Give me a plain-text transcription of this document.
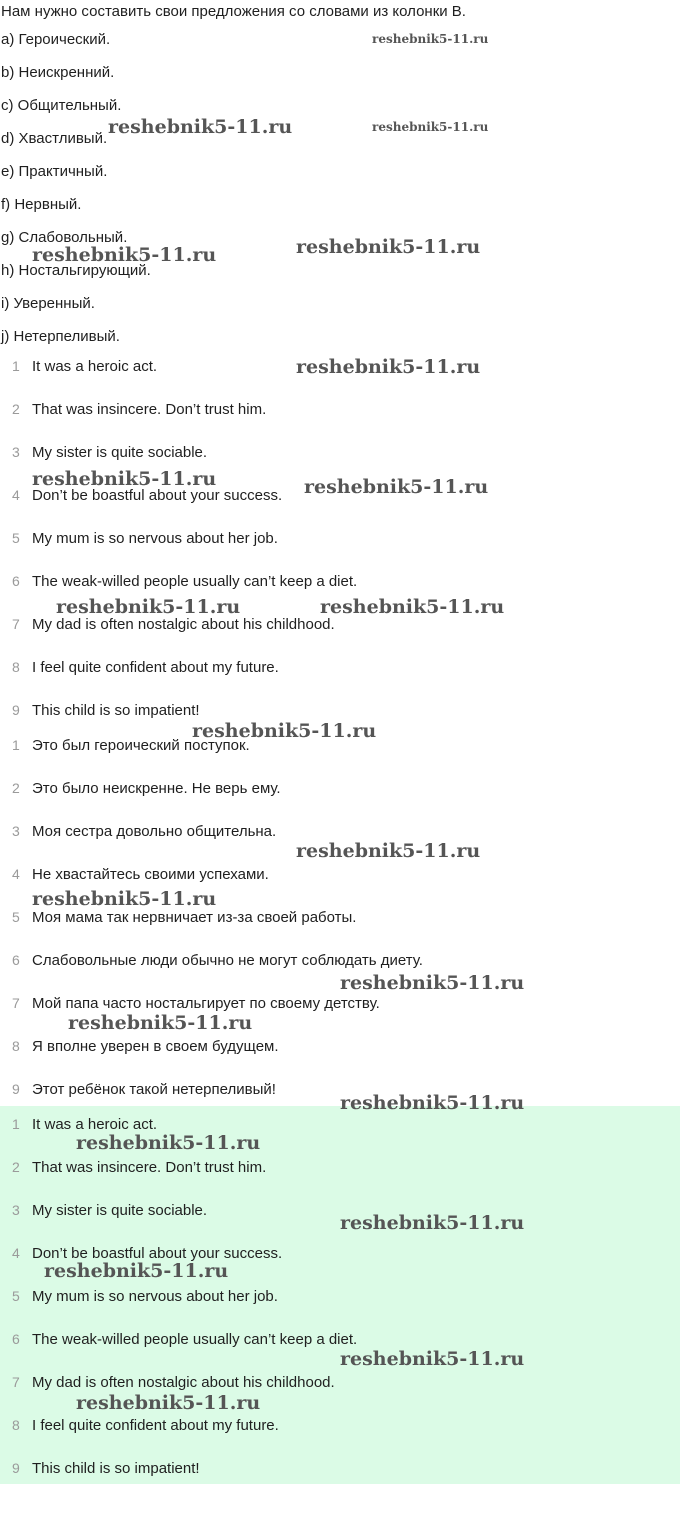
Нам нужно составить свои предложения со словами из колонки B.
a) Героический.
b) Неискренний.
c) Общительный.
d) Хвастливый.
e) Практичный.
f) Нервный.
g) Слабовольный.
h) Ностальгирующий.
i) Уверенный.
j) Нетерпеливый.
1 It was a heroic act.
2 That was insincere. Don’t trust him.
3 My sister is quite sociable.
4 Don’t be boastful about your success.
5 My mum is so nervous about her job.
6 The weak-willed people usually can’t keep a diet.
7 My dad is often nostalgic about his childhood.
8 I feel quite confident about my future.
9 This child is so impatient!
1 Это был героический поступок.
2 Это было неискренне. Не верь ему.
3 Моя сестра довольно общительна.
4 Не хвастайтесь своими успехами.
5 Моя мама так нервничает из-за своей работы.
6 Слабовольные люди обычно не могут соблюдать диету.
7 Мой папа часто ностальгирует по своему детству.
8 Я вполне уверен в своем будущем.
9 Этот ребёнок такой нетерпеливый!
1 It was a heroic act.
2 That was insincere. Don’t trust him.
3 My sister is quite sociable.
4 Don’t be boastful about your success.
5 My mum is so nervous about her job.
6 The weak-willed people usually can’t keep a diet.
7 My dad is often nostalgic about his childhood.
8 I feel quite confident about my future.
9 This child is so impatient!
reshebnik5-11.ru
reshebnik5-11.ru	reshebnik5-11.ru
reshebnik5-11.ru
reshebnik5-11.ru
reshebnik5-11.ru
reshebnik5-11.ru	reshebnik5-11.ru
reshebnik5-11.ru	reshebnik5-11.ru
reshebnik5-11.ru
reshebnik5-11.ru
reshebnik5-11.ru
reshebnik5-11.ru
reshebnik5-11.ru
reshebnik5-11.ru
reshebnik5-11.ru
reshebnik5-11.ru
reshebnik5-11.ru
reshebnik5-11.ru
reshebnik5-11.ru
